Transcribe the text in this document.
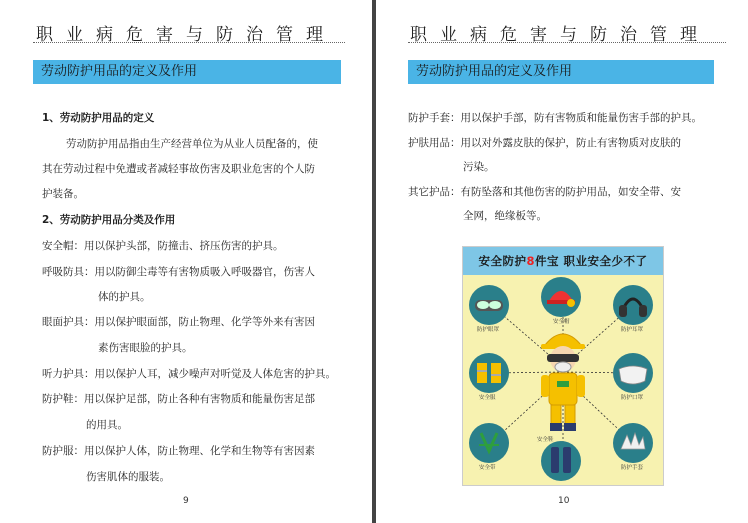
职业病危害与防治管理
劳动防护用品的定义及作用
1、劳动防护用品的定义
劳动防护用品指由生产经营单位为从业人员配备的，使
其在劳动过程中免遭或者减轻事故伤害及职业危害的个人防
护装备。
2、劳动防护用品分类及作用
安全帽：用以保护头部，防撞击、挤压伤害的护具。
呼吸防具：用以防御尘毒等有害物质吸入呼吸器官，伤害人
体的护具。
眼面护具：用以保护眼面部，防止物理、化学等外来有害因
素伤害眼脸的护具。
听力护具：用以保护人耳，减少噪声对听觉及人体危害的护具。
防护鞋：用以保护足部，防止各种有害物质和能量伤害足部
的用具。
防护服：用以保护人体，防止物理、化学和生物等有害因素
伤害肌体的服装。
9
职业病危害与防治管理
劳动防护用品的定义及作用
防护手套：用以保护手部，防有害物质和能量伤害手部的护具。
护肤用品：用以对外露皮肤的保护，防止有害物质对皮肤的
污染。
其它护品：有防坠落和其他伤害的防护用品，如安全带、安
全网，绝缘板等。
安全防护8件宝 职业安全少不了
防护眼罩
安全帽
防护耳罩
安全服	防护口罩
安全带
安全鞋
防护手套
10
